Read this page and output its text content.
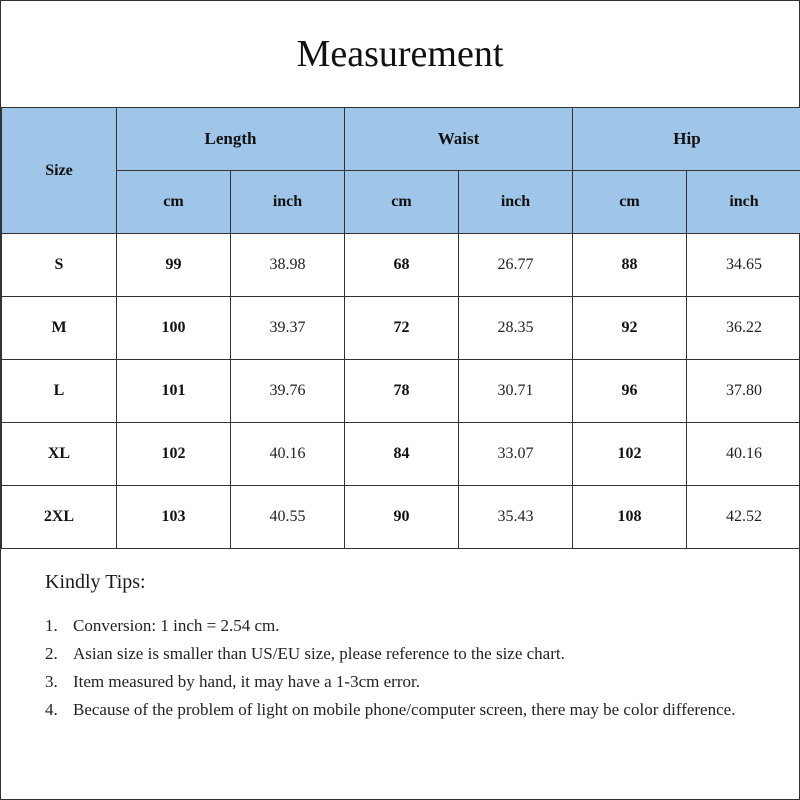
Measurement
Size	Length		Waist		Hip	
	cm	inch	cm	inch	cm	inch
S	99	38.98	68	26.77	88	34.65
M	100	39.37	72	28.35	92	36.22
L	101	39.76	78	30.71	96	37.80
XL	102	40.16	84	33.07	102	40.16
2XL	103	40.55	90	35.43	108	42.52
Kindly Tips:
1. Conversion: 1 inch = 2.54 cm.
2. Asian size is smaller than US/EU size, please reference to the size chart.
3. Item measured by hand, it may have a 1-3cm error.
4. Because of the problem of light on mobile phone/computer screen, there may be color difference.
